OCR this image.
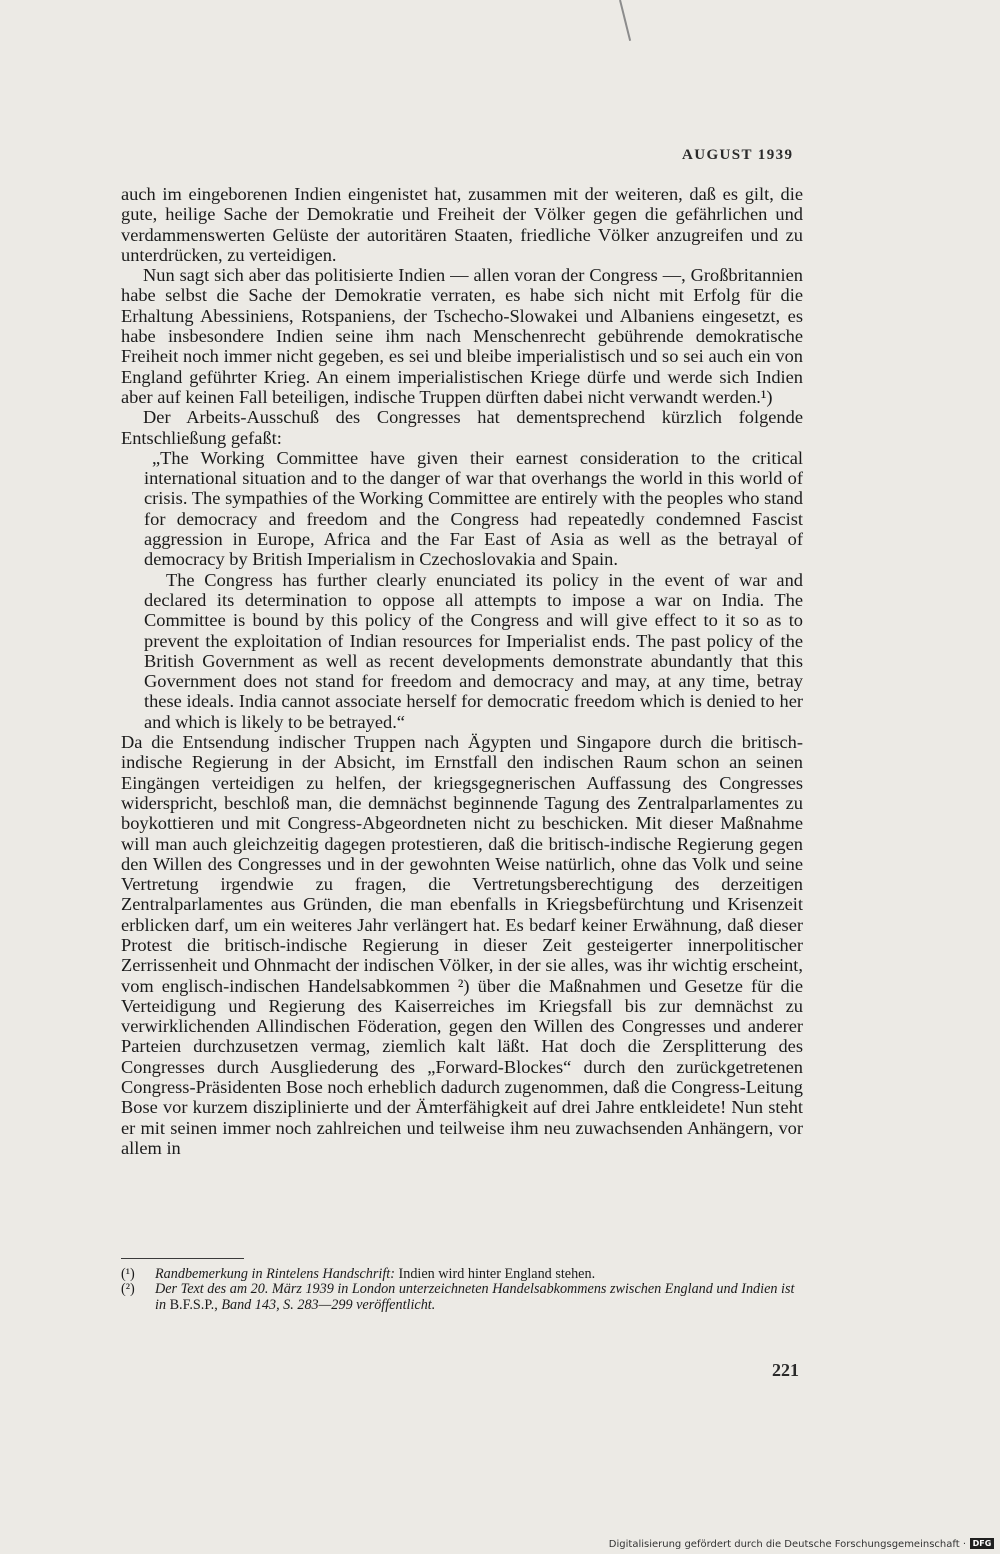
AUGUST 1939

auch im eingeborenen Indien eingenistet hat, zusammen mit der weiteren, daß es gilt, die gute, heilige Sache der Demokratie und Freiheit der Völker gegen die gefährlichen und verdammenswerten Gelüste der autoritären Staaten, friedliche Völker anzugreifen und zu unterdrücken, zu verteidigen.

Nun sagt sich aber das politisierte Indien — allen voran der Congress —, Großbritannien habe selbst die Sache der Demokratie verraten, es habe sich nicht mit Erfolg für die Erhaltung Abessiniens, Rotspaniens, der Tschecho-Slowakei und Albaniens eingesetzt, es habe insbesondere Indien seine ihm nach Menschenrecht gebührende demokratische Freiheit noch immer nicht gegeben, es sei und bleibe imperialistisch und so sei auch ein von England geführter Krieg. An einem imperialistischen Kriege dürfe und werde sich Indien aber auf keinen Fall beteiligen, indische Truppen dürften dabei nicht verwandt werden.¹)

Der Arbeits-Ausschuß des Congresses hat dementsprechend kürzlich folgende Entschließung gefaßt:

„The Working Committee have given their earnest consideration to the critical international situation and to the danger of war that overhangs the world in this world of crisis. The sympathies of the Working Committee are entirely with the peoples who stand for democracy and freedom and the Congress had repeatedly condemned Fascist aggression in Europe, Africa and the Far East of Asia as well as the betrayal of democracy by British Imperialism in Czechoslovakia and Spain.

The Congress has further clearly enunciated its policy in the event of war and declared its determination to oppose all attempts to impose a war on India. The Committee is bound by this policy of the Congress and will give effect to it so as to prevent the exploitation of Indian resources for Imperialist ends. The past policy of the British Government as well as recent developments demonstrate abundantly that this Government does not stand for freedom and democracy and may, at any time, betray these ideals. India cannot associate herself for democratic freedom which is denied to her and which is likely to be betrayed.“

Da die Entsendung indischer Truppen nach Ägypten und Singapore durch die britisch-indische Regierung in der Absicht, im Ernstfall den indischen Raum schon an seinen Eingängen verteidigen zu helfen, der kriegsgegnerischen Auffassung des Congresses widerspricht, beschloß man, die demnächst beginnende Tagung des Zentralparlamentes zu boykottieren und mit Congress-Abgeordneten nicht zu beschicken. Mit dieser Maßnahme will man auch gleichzeitig dagegen protestieren, daß die britisch-indische Regierung gegen den Willen des Congresses und in der gewohnten Weise natürlich, ohne das Volk und seine Vertretung irgendwie zu fragen, die Vertretungsberechtigung des derzeitigen Zentralparlamentes aus Gründen, die man ebenfalls in Kriegsbefürchtung und Krisenzeit erblicken darf, um ein weiteres Jahr verlängert hat. Es bedarf keiner Erwähnung, daß dieser Protest die britisch-indische Regierung in dieser Zeit gesteigerter innerpolitischer Zerrissenheit und Ohnmacht der indischen Völker, in der sie alles, was ihr wichtig erscheint, vom englisch-indischen Handelsabkommen ²) über die Maßnahmen und Gesetze für die Verteidigung und Regierung des Kaiserreiches im Kriegsfall bis zur demnächst zu verwirklichenden Allindischen Föderation, gegen den Willen des Congresses und anderer Parteien durchzusetzen vermag, ziemlich kalt läßt. Hat doch die Zersplitterung des Congresses durch Ausgliederung des „Forward-Blockes“ durch den zurückgetretenen Congress-Präsidenten Bose noch erheblich dadurch zugenommen, daß die Congress-Leitung Bose vor kurzem disziplinierte und der Ämterfähigkeit auf drei Jahre entkleidete! Nun steht er mit seinen immer noch zahlreichen und teilweise ihm neu zuwachsenden Anhängern, vor allem in

(¹)	Randbemerkung in Rintelens Handschrift: Indien wird hinter England stehen.
(²)	Der Text des am 20. März 1939 in London unterzeichneten Handelsabkommens zwischen England und Indien ist in B.F.S.P., Band 143, S. 283—299 veröffentlicht.
221
Digitalisierung gefördert durch die Deutsche Forschungsgemeinschaft · DFG
